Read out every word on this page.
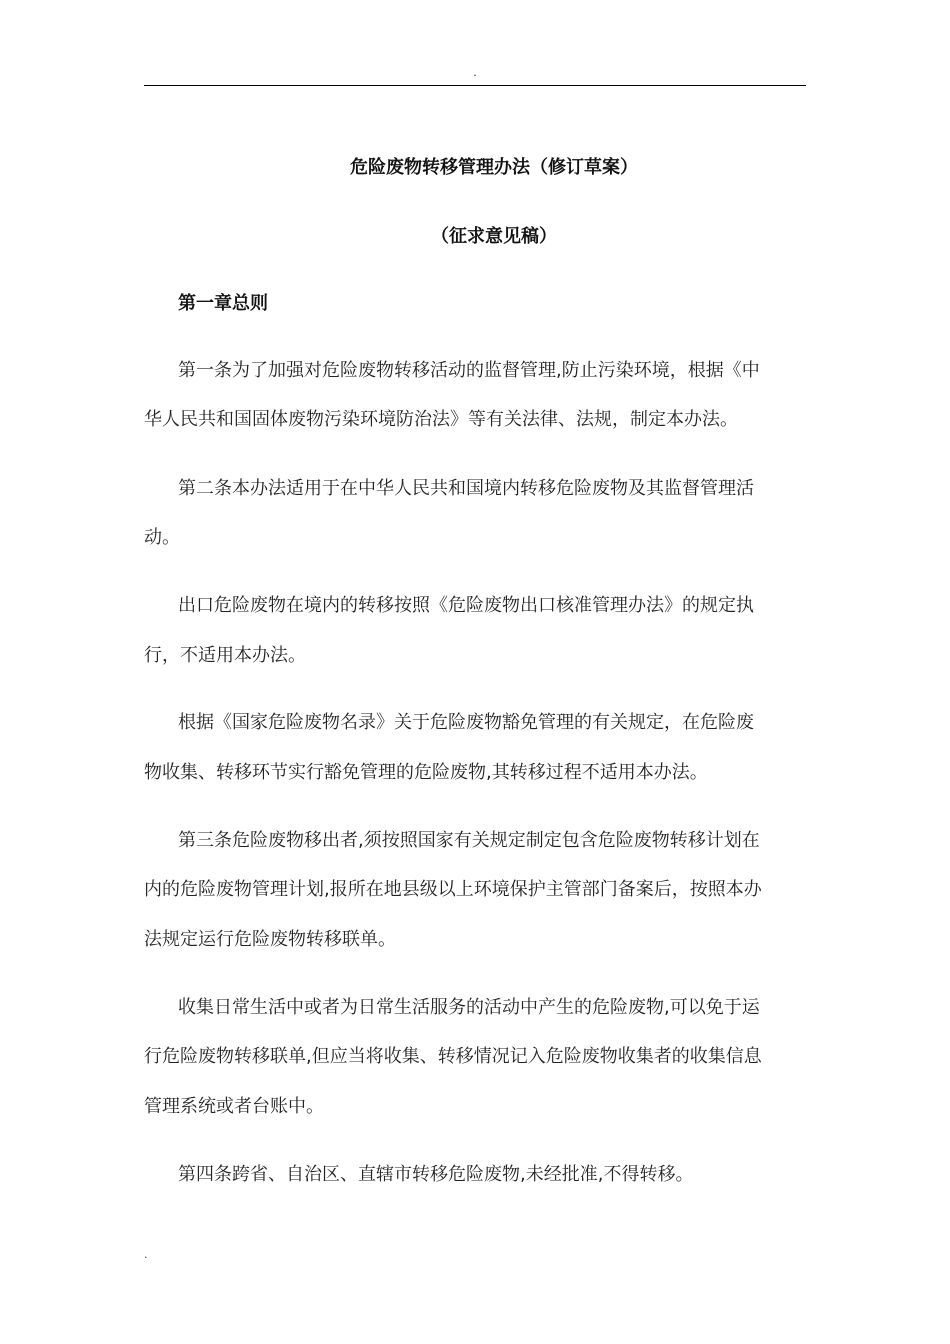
.
危险废物转移管理办法（修订草案）
（征求意见稿）
第一章总则
第一条为了加强对危险废物转移活动的监督管理,防止污染环境，根据《中
华人民共和国固体废物污染环境防治法》等有关法律、法规，制定本办法。
第二条本办法适用于在中华人民共和国境内转移危险废物及其监督管理活
动。
出口危险废物在境内的转移按照《危险废物出口核准管理办法》的规定执
行，不适用本办法。
根据《国家危险废物名录》关于危险废物豁免管理的有关规定，在危险废
物收集、转移环节实行豁免管理的危险废物,其转移过程不适用本办法。
第三条危险废物移出者,须按照国家有关规定制定包含危险废物转移计划在
内的危险废物管理计划,报所在地县级以上环境保护主管部门备案后，按照本办
法规定运行危险废物转移联单。
收集日常生活中或者为日常生活服务的活动中产生的危险废物,可以免于运
行危险废物转移联单,但应当将收集、转移情况记入危险废物收集者的收集信息
管理系统或者台账中。
第四条跨省、自治区、直辖市转移危险废物,未经批准,不得转移。
.
